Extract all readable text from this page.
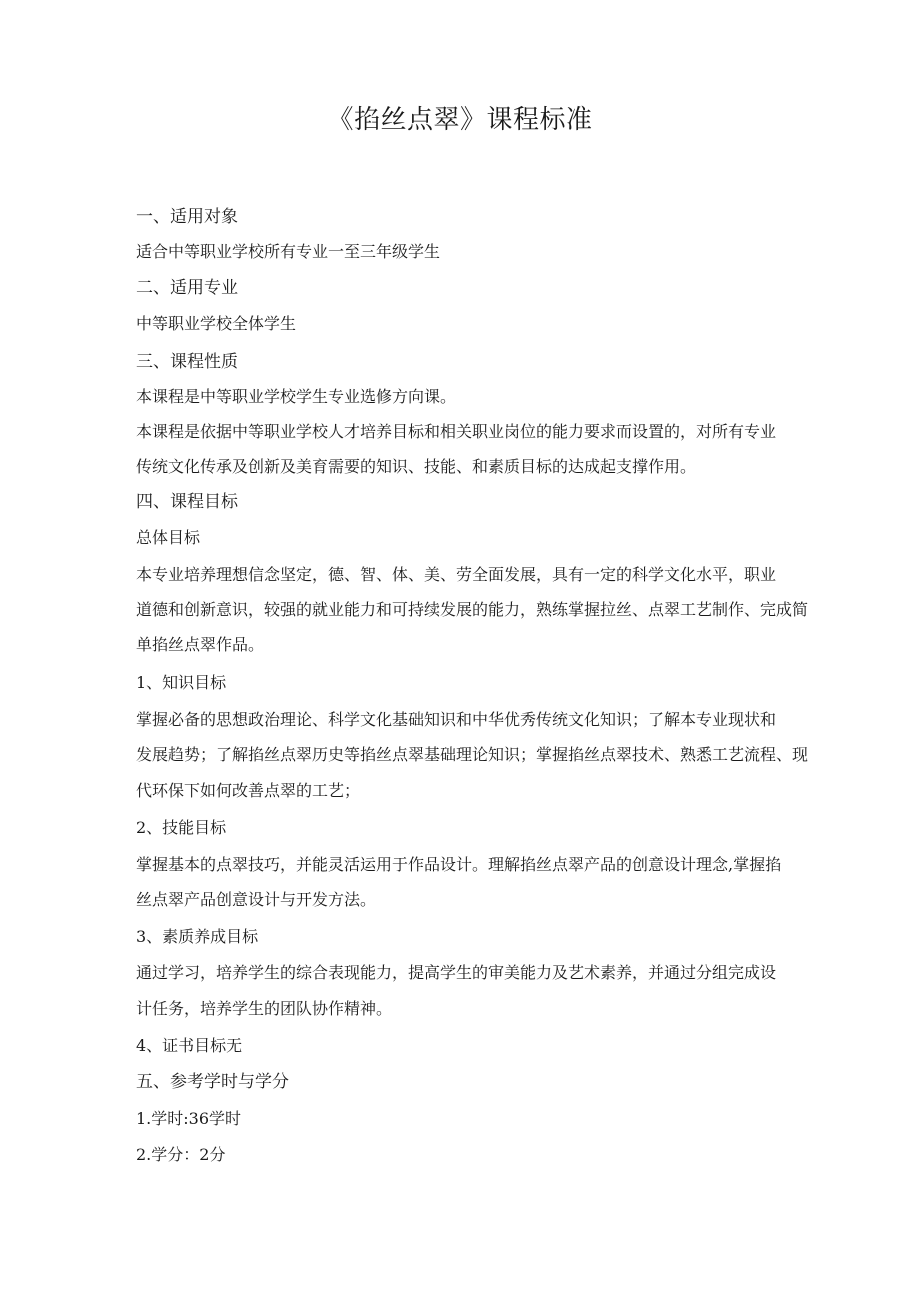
《掐丝点翠》课程标准
一、适用对象
适合中等职业学校所有专业一至三年级学生
二、适用专业
中等职业学校全体学生
三、课程性质
本课程是中等职业学校学生专业选修方向课。
本课程是依据中等职业学校人才培养目标和相关职业岗位的能力要求而设置的，对所有专业
传统文化传承及创新及美育需要的知识、技能、和素质目标的达成起支撑作用。
四、课程目标
总体目标
本专业培养理想信念坚定，德、智、体、美、劳全面发展，具有一定的科学文化水平，职业
道德和创新意识，较强的就业能力和可持续发展的能力，熟练掌握拉丝、点翠工艺制作、完成简
单掐丝点翠作品。
1、知识目标
掌握必备的思想政治理论、科学文化基础知识和中华优秀传统文化知识；了解本专业现状和
发展趋势；了解掐丝点翠历史等掐丝点翠基础理论知识；掌握掐丝点翠技术、熟悉工艺流程、现
代环保下如何改善点翠的工艺；
2、技能目标
掌握基本的点翠技巧，并能灵活运用于作品设计。理解掐丝点翠产品的创意设计理念,掌握掐
丝点翠产品创意设计与开发方法。
3、素质养成目标
通过学习，培养学生的综合表现能力，提高学生的审美能力及艺术素养，并通过分组完成设
计任务，培养学生的团队协作精神。
4、证书目标无
五、参考学时与学分
1.学时:36学时
2.学分：2分
